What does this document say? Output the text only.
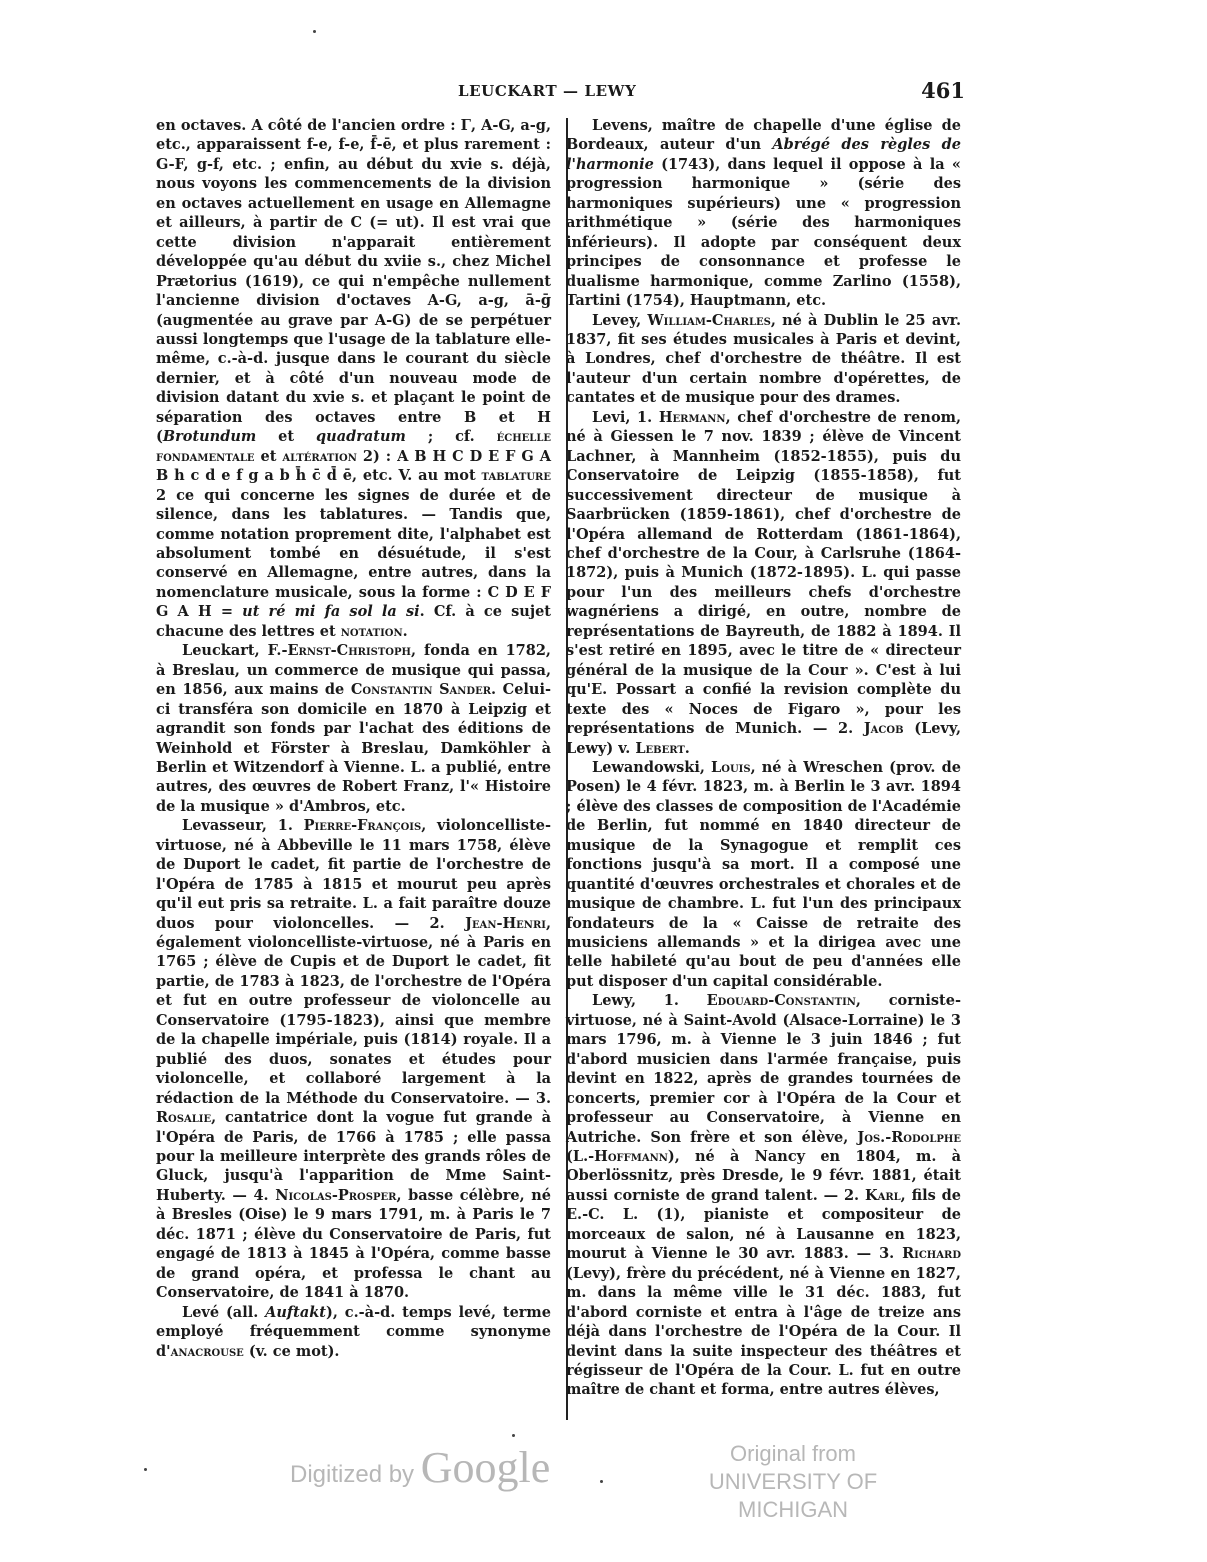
LEUCKART — LEWY	461

en octaves. A côté de l'ancien ordre : Γ, A-G, a-g, etc., apparaissent f-e, f-e, f̄-ē, et plus rarement : G-F, g-f, etc. ; enfin, au début du xvie s. déjà, nous voyons les commencements de la division en octaves actuellement en usage en Allemagne et ailleurs, à partir de C (= ut). Il est vrai que cette division n'apparait entièrement développée qu'au début du xviie s., chez Michel Prætorius (1619), ce qui n'empêche nullement l'ancienne division d'octaves A-G, a-g, ā-ḡ (augmentée au grave par A-G) de se perpétuer aussi longtemps que l'usage de la tablature elle-même, c.-à-d. jusque dans le courant du siècle dernier, et à côté d'un nouveau mode de division datant du xvie s. et plaçant le point de séparation des octaves entre B et H (Brotundum et quadratum ; cf. échelle fondamentale et altération 2) : A B H C D E F G A B h c d e f g a b h̄ c̄ d̄ ē, etc. V. au mot tablature 2 ce qui concerne les signes de durée et de silence, dans les tablatures. — Tandis que, comme notation proprement dite, l'alphabet est absolument tombé en désuétude, il s'est conservé en Allemagne, entre autres, dans la nomenclature musicale, sous la forme : C D E F G A H = ut ré mi fa sol la si. Cf. à ce sujet chacune des lettres et notation.

Leuckart, F.-Ernst-Christoph, fonda en 1782, à Breslau, un commerce de musique qui passa, en 1856, aux mains de Constantin Sander. Celui-ci transféra son domicile en 1870 à Leipzig et agrandit son fonds par l'achat des éditions de Weinhold et Förster à Breslau, Damköhler à Berlin et Witzendorf à Vienne. L. a publié, entre autres, des œuvres de Robert Franz, l'« Histoire de la musique » d'Ambros, etc.

Levasseur, 1. Pierre-François, violoncelliste-virtuose, né à Abbeville le 11 mars 1758, élève de Duport le cadet, fit partie de l'orchestre de l'Opéra de 1785 à 1815 et mourut peu après qu'il eut pris sa retraite. L. a fait paraître douze duos pour violoncelles. — 2. Jean-Henri, également violoncelliste-virtuose, né à Paris en 1765 ; élève de Cupis et de Duport le cadet, fit partie, de 1783 à 1823, de l'orchestre de l'Opéra et fut en outre professeur de violoncelle au Conservatoire (1795-1823), ainsi que membre de la chapelle impériale, puis (1814) royale. Il a publié des duos, sonates et études pour violoncelle, et collaboré largement à la rédaction de la Méthode du Conservatoire. — 3. Rosalie, cantatrice dont la vogue fut grande à l'Opéra de Paris, de 1766 à 1785 ; elle passa pour la meilleure interprète des grands rôles de Gluck, jusqu'à l'apparition de Mme Saint-Huberty. — 4. Nicolas-Prosper, basse célèbre, né à Bresles (Oise) le 9 mars 1791, m. à Paris le 7 déc. 1871 ; élève du Conservatoire de Paris, fut engagé de 1813 à 1845 à l'Opéra, comme basse de grand opéra, et professa le chant au Conservatoire, de 1841 à 1870.

Levé (all. Auftakt), c.-à-d. temps levé, terme employé fréquemment comme synonyme d'anacrouse (v. ce mot).

Levens, maître de chapelle d'une église de Bordeaux, auteur d'un Abrégé des règles de l'harmonie (1743), dans lequel il oppose à la « progression harmonique » (série des harmoniques supérieurs) une « progression arithmétique » (série des harmoniques inférieurs). Il adopte par conséquent deux principes de consonnance et professe le dualisme harmonique, comme Zarlino (1558), Tartini (1754), Hauptmann, etc.

Levey, William-Charles, né à Dublin le 25 avr. 1837, fit ses études musicales à Paris et devint, à Londres, chef d'orchestre de théâtre. Il est l'auteur d'un certain nombre d'opérettes, de cantates et de musique pour des drames.

Levi, 1. Hermann, chef d'orchestre de renom, né à Giessen le 7 nov. 1839 ; élève de Vincent Lachner, à Mannheim (1852-1855), puis du Conservatoire de Leipzig (1855-1858), fut successivement directeur de musique à Saarbrücken (1859-1861), chef d'orchestre de l'Opéra allemand de Rotterdam (1861-1864), chef d'orchestre de la Cour, à Carlsruhe (1864-1872), puis à Munich (1872-1895). L. qui passe pour l'un des meilleurs chefs d'orchestre wagnériens a dirigé, en outre, nombre de représentations de Bayreuth, de 1882 à 1894. Il s'est retiré en 1895, avec le titre de « directeur général de la musique de la Cour ». C'est à lui qu'E. Possart a confié la revision complète du texte des « Noces de Figaro », pour les représentations de Munich. — 2. Jacob (Levy, Lewy) v. Lebert.

Lewandowski, Louis, né à Wreschen (prov. de Posen) le 4 févr. 1823, m. à Berlin le 3 avr. 1894 ; élève des classes de composition de l'Académie de Berlin, fut nommé en 1840 directeur de musique de la Synagogue et remplit ces fonctions jusqu'à sa mort. Il a composé une quantité d'œuvres orchestrales et chorales et de musique de chambre. L. fut l'un des principaux fondateurs de la « Caisse de retraite des musiciens allemands » et la dirigea avec une telle habileté qu'au bout de peu d'années elle put disposer d'un capital considérable.

Lewy, 1. Edouard-Constantin, corniste-virtuose, né à Saint-Avold (Alsace-Lorraine) le 3 mars 1796, m. à Vienne le 3 juin 1846 ; fut d'abord musicien dans l'armée française, puis devint en 1822, après de grandes tournées de concerts, premier cor à l'Opéra de la Cour et professeur au Conservatoire, à Vienne en Autriche. Son frère et son élève, Jos.-Rodolphe (L.-Hoffmann), né à Nancy en 1804, m. à Oberlössnitz, près Dresde, le 9 févr. 1881, était aussi corniste de grand talent. — 2. Karl, fils de E.-C. L. (1), pianiste et compositeur de morceaux de salon, né à Lausanne en 1823, mourut à Vienne le 30 avr. 1883. — 3. Richard (Levy), frère du précédent, né à Vienne en 1827, m. dans la même ville le 31 déc. 1883, fut d'abord corniste et entra à l'âge de treize ans déjà dans l'orchestre de l'Opéra de la Cour. Il devint dans la suite inspecteur des théâtres et régisseur de l'Opéra de la Cour. L. fut en outre maître de chant et forma, entre autres élèves,

Digitized by Google	Original from
UNIVERSITY OF MICHIGAN
